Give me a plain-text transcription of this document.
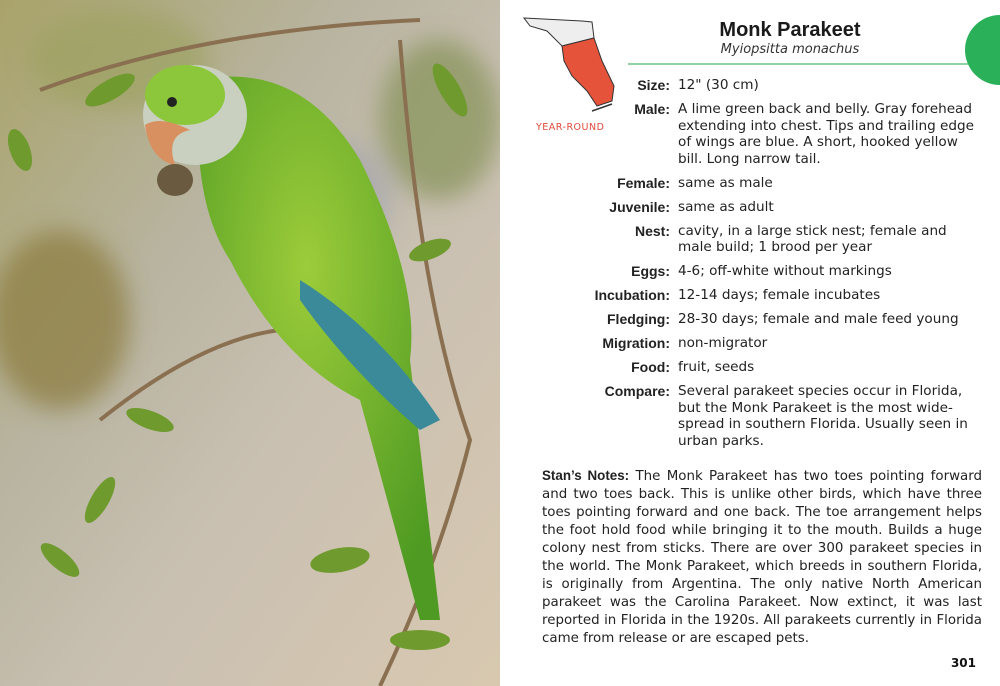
YEAR-ROUND
Monk Parakeet
Myiopsitta monachus
Size: 12" (30 cm)
Male: A lime green back and belly. Gray forehead extending into chest. Tips and trailing edge of wings are blue. A short, hooked yellow bill. Long narrow tail.
Female: same as male
Juvenile: same as adult
Nest: cavity, in a large stick nest; female and male build; 1 brood per year
Eggs: 4-6; off-white without markings
Incubation: 12-14 days; female incubates
Fledging: 28-30 days; female and male feed young
Migration: non-migrator
Food: fruit, seeds
Compare: Several parakeet species occur in Florida, but the Monk Parakeet is the most wide-spread in southern Florida. Usually seen in urban parks.
Stan’s Notes: The Monk Parakeet has two toes pointing forward and two toes back. This is unlike other birds, which have three toes pointing forward and one back. The toe arrangement helps the foot hold food while bringing it to the mouth. Builds a huge colony nest from sticks. There are over 300 parakeet species in the world. The Monk Parakeet, which breeds in southern Florida, is originally from Argentina. The only native North American parakeet was the Carolina Parakeet. Now extinct, it was last reported in Florida in the 1920s. All parakeets currently in Florida came from release or are escaped pets.
301
